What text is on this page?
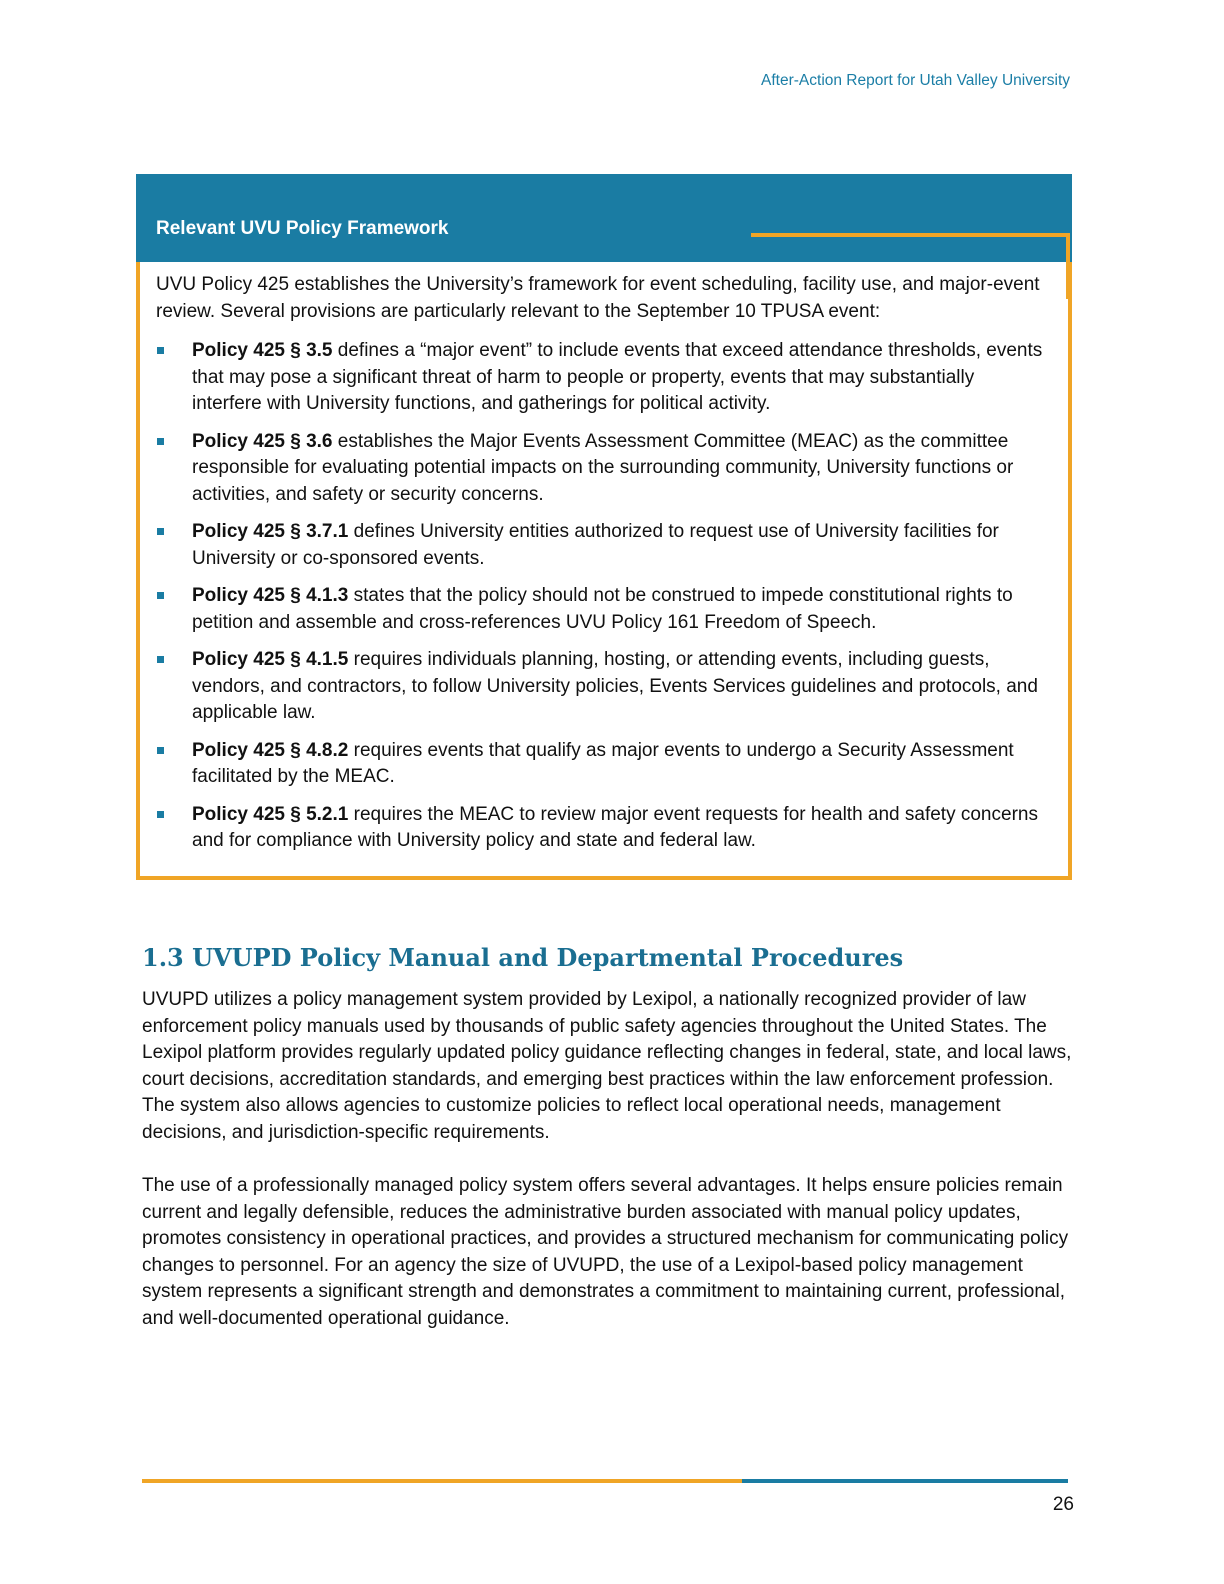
After-Action Report for Utah Valley University
Relevant UVU Policy Framework

UVU Policy 425 establishes the University’s framework for event scheduling, facility use, and major-event review. Several provisions are particularly relevant to the September 10 TPUSA event:

Policy 425 § 3.5 defines a “major event” to include events that exceed attendance thresholds, events that may pose a significant threat of harm to people or property, events that may substantially interfere with University functions, and gatherings for political activity.
Policy 425 § 3.6 establishes the Major Events Assessment Committee (MEAC) as the committee responsible for evaluating potential impacts on the surrounding community, University functions or activities, and safety or security concerns.
Policy 425 § 3.7.1 defines University entities authorized to request use of University facilities for University or co-sponsored events.
Policy 425 § 4.1.3 states that the policy should not be construed to impede constitutional rights to petition and assemble and cross-references UVU Policy 161 Freedom of Speech.
Policy 425 § 4.1.5 requires individuals planning, hosting, or attending events, including guests, vendors, and contractors, to follow University policies, Events Services guidelines and protocols, and applicable law.
Policy 425 § 4.8.2 requires events that qualify as major events to undergo a Security Assessment facilitated by the MEAC.
Policy 425 § 5.2.1 requires the MEAC to review major event requests for health and safety concerns and for compliance with University policy and state and federal law.
1.3 UVUPD Policy Manual and Departmental Procedures

UVUPD utilizes a policy management system provided by Lexipol, a nationally recognized provider of law enforcement policy manuals used by thousands of public safety agencies throughout the United States. The Lexipol platform provides regularly updated policy guidance reflecting changes in federal, state, and local laws, court decisions, accreditation standards, and emerging best practices within the law enforcement profession. The system also allows agencies to customize policies to reflect local operational needs, management decisions, and jurisdiction-specific requirements.

The use of a professionally managed policy system offers several advantages. It helps ensure policies remain current and legally defensible, reduces the administrative burden associated with manual policy updates, promotes consistency in operational practices, and provides a structured mechanism for communicating policy changes to personnel. For an agency the size of UVUPD, the use of a Lexipol-based policy management system represents a significant strength and demonstrates a commitment to maintaining current, professional, and well-documented operational guidance.

26
